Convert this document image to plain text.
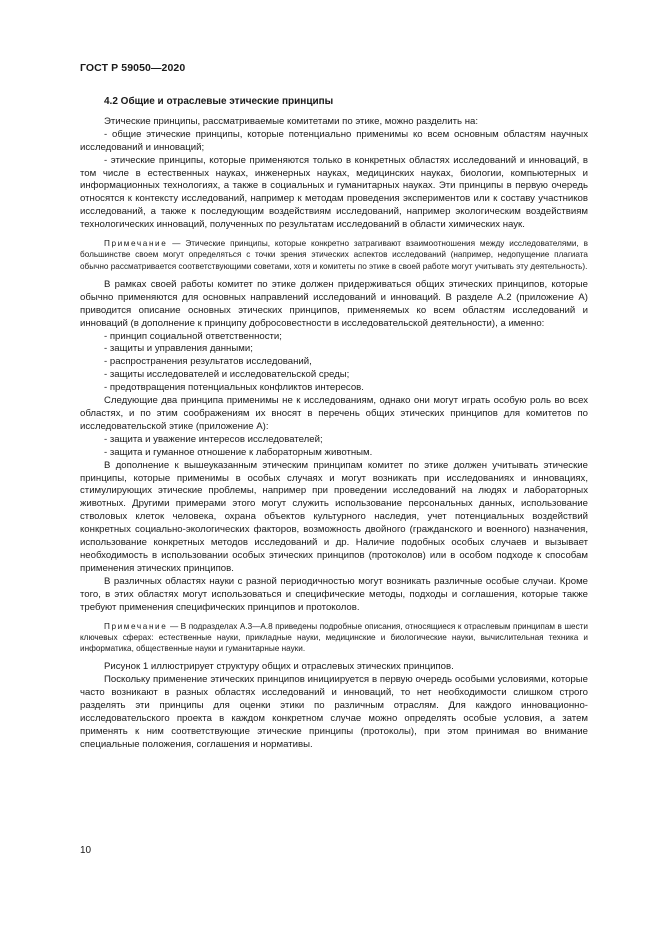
ГОСТ Р 59050—2020

4.2 Общие и отраслевые этические принципы

Этические принципы, рассматриваемые комитетами по этике, можно разделить на:

- общие этические принципы, которые потенциально применимы ко всем основным областям научных исследований и инноваций;

- этические принципы, которые применяются только в конкретных областях исследований и инноваций, в том числе в естественных науках, инженерных науках, медицинских науках, биологии, компьютерных и информационных технологиях, а также в социальных и гуманитарных науках. Эти принципы в первую очередь относятся к контексту исследований, например к методам проведения экспериментов или к составу участников исследований, а также к последующим воздействиям исследований, например экологическим воздействиям технологических инноваций, полученных по результатам исследований в области химических наук.

Примечание — Этические принципы, которые конкретно затрагивают взаимоотношения между исследователями, в большинстве своем могут определяться с точки зрения этических аспектов исследований (например, недопущение плагиата обычно рассматривается соответствующими советами, хотя и комитеты по этике в своей работе могут учитывать эту деятельность).

В рамках своей работы комитет по этике должен придерживаться общих этических принципов, которые обычно применяются для основных направлений исследований и инноваций. В разделе А.2 (приложение А) приводится описание основных этических принципов, применяемых ко всем областям исследований и инноваций (в дополнение к принципу добросовестности в исследовательской деятельности), а именно:

- принцип социальной ответственности;

- защиты и управления данными;

- распространения результатов исследований,

- защиты исследователей и исследовательской среды;

- предотвращения потенциальных конфликтов интересов.

Следующие два принципа применимы не к исследованиям, однако они могут играть особую роль во всех областях, и по этим соображениям их вносят в перечень общих этических принципов для комитетов по исследовательской этике (приложение А):

- защита и уважение интересов исследователей;

- защита и гуманное отношение к лабораторным животным.

В дополнение к вышеуказанным этическим принципам комитет по этике должен учитывать этические принципы, которые применимы в особых случаях и могут возникать при исследованиях и инновациях, стимулирующих этические проблемы, например при проведении исследований на людях и лабораторных животных. Другими примерами этого могут служить использование персональных данных, использование стволовых клеток человека, охрана объектов культурного наследия, учет потенциальных воздействий конкретных социально-экологических факторов, возможность двойного (гражданского и военного) назначения, использование конкретных методов исследований и др. Наличие подобных особых случаев и вызывает необходимость в использовании особых этических принципов (протоколов) или в особом подходе к способам применения этических принципов.

В различных областях науки с разной периодичностью могут возникать различные особые случаи. Кроме того, в этих областях могут использоваться и специфические методы, подходы и соглашения, которые также требуют применения специфических принципов и протоколов.

Примечание — В подразделах А.3—А.8 приведены подробные описания, относящиеся к отраслевым принципам в шести ключевых сферах: естественные науки, прикладные науки, медицинские и биологические науки, вычислительная техника и информатика, общественные науки и гуманитарные науки.

Рисунок 1 иллюстрирует структуру общих и отраслевых этических принципов.

Поскольку применение этических принципов инициируется в первую очередь особыми условиями, которые часто возникают в разных областях исследований и инноваций, то нет необходимости слишком строго разделять эти принципы для оценки этики по различным отраслям. Для каждого инновационно-исследовательского проекта в каждом конкретном случае можно определять особые условия, а затем применять к ним соответствующие этические принципы (протоколы), при этом принимая во внимание специальные положения, соглашения и нормативы.

10
